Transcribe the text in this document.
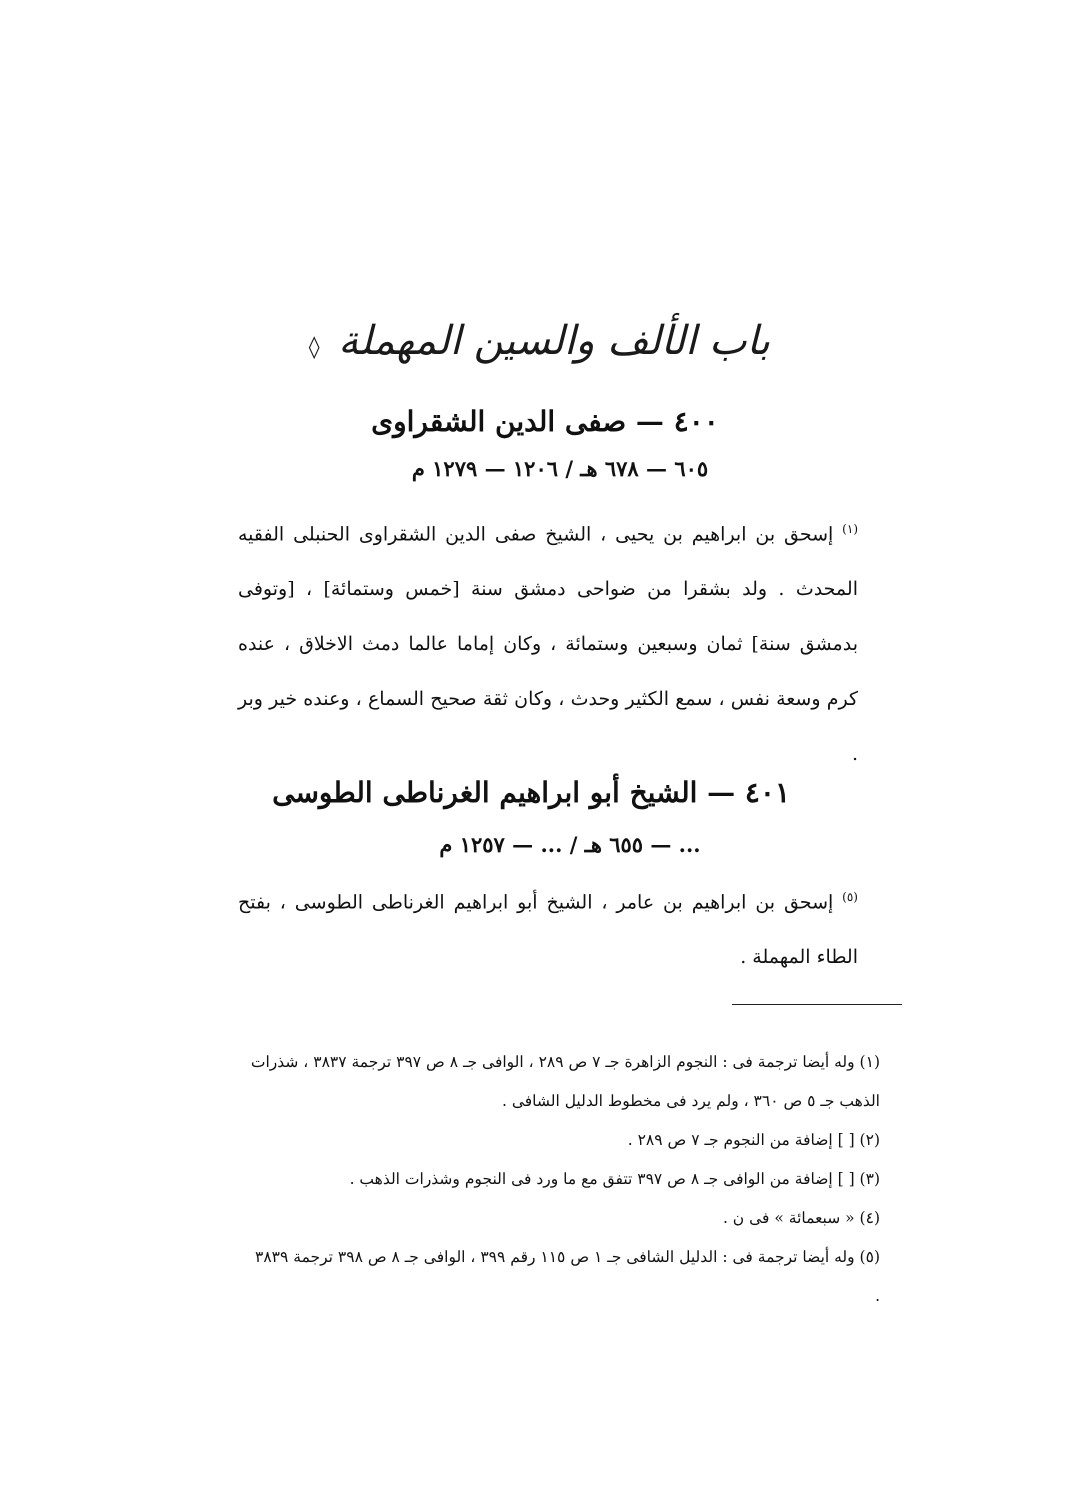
باب الألف والسين المهملة ◊
٤٠٠ — صفى الدين الشقراوى
٦٠٥ — ٦٧٨ هـ / ١٢٠٦ — ١٢٧٩ م
$^{(١)}$ إسحق بن ابراهيم بن يحيى ، الشيخ صفى الدين الشقراوى الحنبلى الفقيه المحدث . ولد بشقرا من ضواحى دمشق سنة [خمس وستمائة] ، [وتوفى بدمشق سنة] ثمان وسبعين وستمائة ، وكان إماما عالما دمث الاخلاق ، عنده كرم وسعة نفس ، سمع الكثير وحدث ، وكان ثقة صحيح السماع ، وعنده خير وبر .
٤٠١ — الشيخ أبو ابراهيم الغرناطى الطوسى
... — ٦٥٥ هـ / ... — ١٢٥٧ م
$^{(٥)}$ إسحق بن ابراهيم بن عامر ، الشيخ أبو ابراهيم الغرناطى الطوسى ، بفتح الطاء المهملة .
(١) وله أيضا ترجمة فى : النجوم الزاهرة جـ ٧ ص ٢٨٩ ، الوافى جـ ٨ ص ٣٩٧ ترجمة ٣٨٣٧ ، شذرات الذهب جـ ٥ ص ٣٦٠ ، ولم يرد فى مخطوط الدليل الشافى .
(٢) [ ] إضافة من النجوم جـ ٧ ص ٢٨٩ .
(٣) [ ] إضافة من الوافى جـ ٨ ص ٣٩٧ تتفق مع ما ورد فى النجوم وشذرات الذهب .
(٤) « سبعمائة » فى ن .
(٥) وله أيضا ترجمة فى : الدليل الشافى جـ ١ ص ١١٥ رقم ٣٩٩ ، الوافى جـ ٨ ص ٣٩٨ ترجمة ٣٨٣٩ .
